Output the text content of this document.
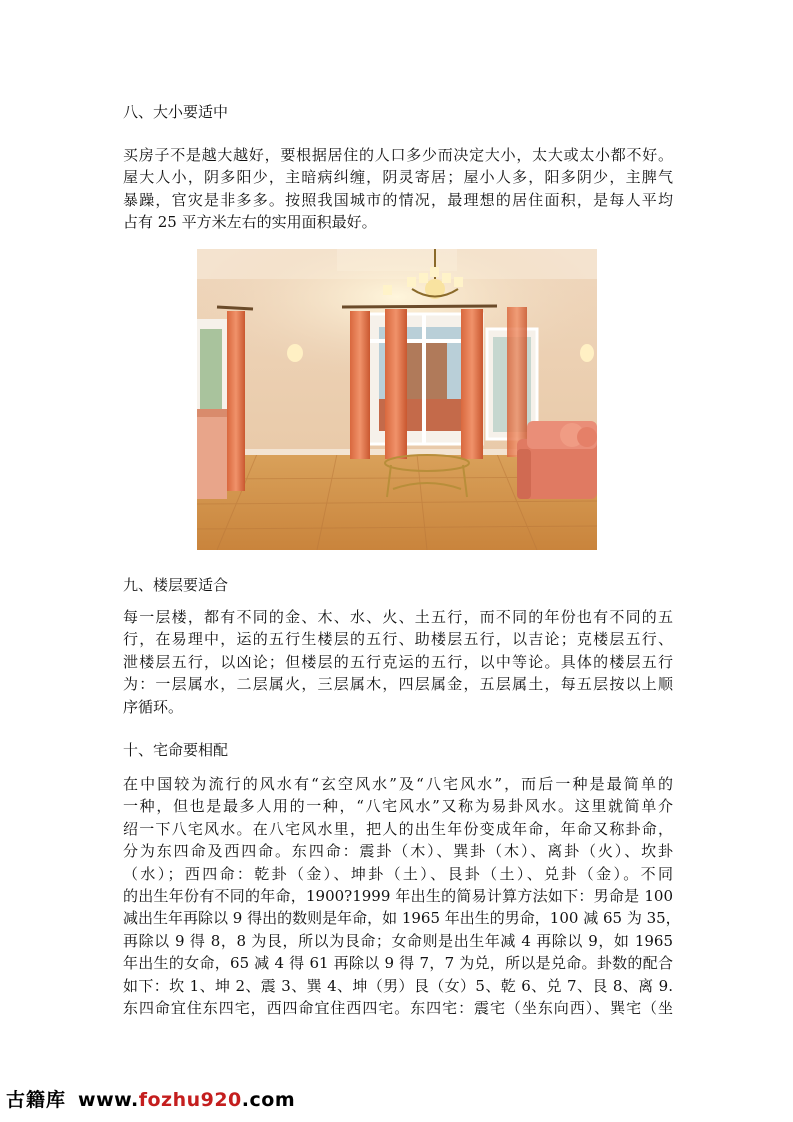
八、大小要适中
买房子不是越大越好，要根据居住的人口多少而决定大小，太大或太小都不好。
屋大人小，阴多阳少，主暗病纠缠，阴灵寄居；屋小人多，阳多阴少，主脾气
暴躁，官灾是非多多。按照我国城市的情况，最理想的居住面积，是每人平均
占有 25 平方米左右的实用面积最好。
九、楼层要适合
每一层楼，都有不同的金、木、水、火、土五行，而不同的年份也有不同的五
行，在易理中，运的五行生楼层的五行、助楼层五行，以吉论；克楼层五行、
泄楼层五行，以凶论；但楼层的五行克运的五行，以中等论。具体的楼层五行
为：一层属水，二层属火，三层属木，四层属金，五层属土，每五层按以上顺
序循环。
十、宅命要相配
在中国较为流行的风水有“玄空风水”及“八宅风水”，而后一种是最简单的
一种，但也是最多人用的一种，“八宅风水”又称为易卦风水。这里就简单介
绍一下八宅风水。在八宅风水里，把人的出生年份变成年命，年命又称卦命，
分为东四命及西四命。东四命：震卦（木）、巽卦（木）、离卦（火）、坎卦
（水）；西四命：乾卦（金）、坤卦（土）、艮卦（土）、兑卦（金）。不同
的出生年份有不同的年命，1900?1999 年出生的简易计算方法如下：男命是 100
减出生年再除以 9 得出的数则是年命，如 1965 年出生的男命，100 减 65 为 35，
再除以 9 得 8，8 为艮，所以为艮命；女命则是出生年减 4 再除以 9，如 1965
年出生的女命，65 减 4 得 61 再除以 9 得 7，7 为兑，所以是兑命。卦数的配合
如下：坎 1、坤 2、震 3、巽 4、坤（男）艮（女）5、乾 6、兑 7、艮 8、离 9.
东四命宜住东四宅，西四命宜住西四宅。东四宅：震宅（坐东向西）、巽宅（坐
古籍库 www.fozhu920.com
